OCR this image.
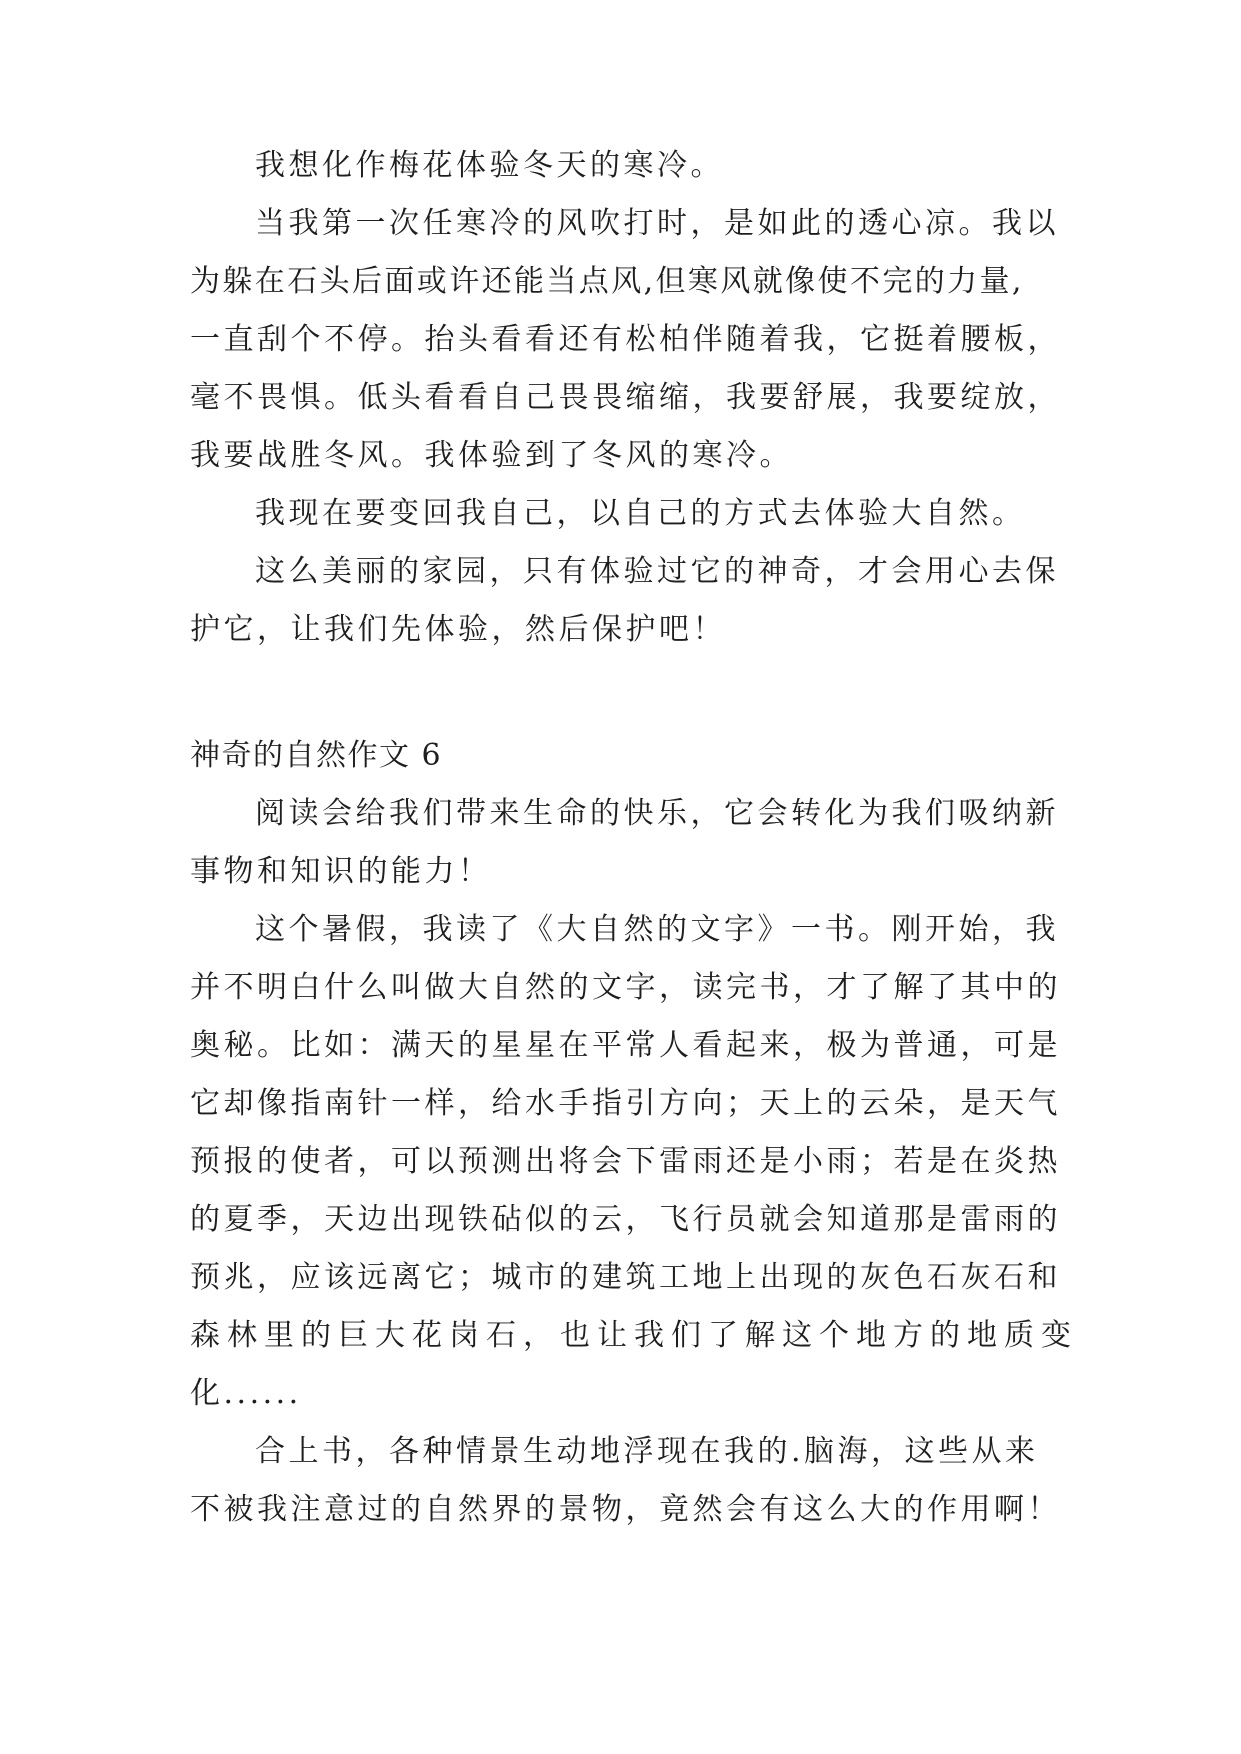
我想化作梅花体验冬天的寒冷。
当我第一次任寒冷的风吹打时，是如此的透心凉。我以
为躲在石头后面或许还能当点风,但寒风就像使不完的力量,
一直刮个不停。抬头看看还有松柏伴随着我，它挺着腰板，
毫不畏惧。低头看看自己畏畏缩缩，我要舒展，我要绽放，
我要战胜冬风。我体验到了冬风的寒冷。
我现在要变回我自己，以自己的方式去体验大自然。
这么美丽的家园，只有体验过它的神奇，才会用心去保
护它，让我们先体验，然后保护吧！
神奇的自然作文 6
阅读会给我们带来生命的快乐，它会转化为我们吸纳新
事物和知识的能力！
这个暑假，我读了《大自然的文字》一书。刚开始，我
并不明白什么叫做大自然的文字，读完书，才了解了其中的
奥秘。比如：满天的星星在平常人看起来，极为普通，可是
它却像指南针一样，给水手指引方向；天上的云朵，是天气
预报的使者，可以预测出将会下雷雨还是小雨；若是在炎热
的夏季，天边出现铁砧似的云，飞行员就会知道那是雷雨的
预兆，应该远离它；城市的建筑工地上出现的灰色石灰石和
森林里的巨大花岗石，也让我们了解这个地方的地质变
化......
合上书，各种情景生动地浮现在我的.脑海，这些从来
不被我注意过的自然界的景物，竟然会有这么大的作用啊！
